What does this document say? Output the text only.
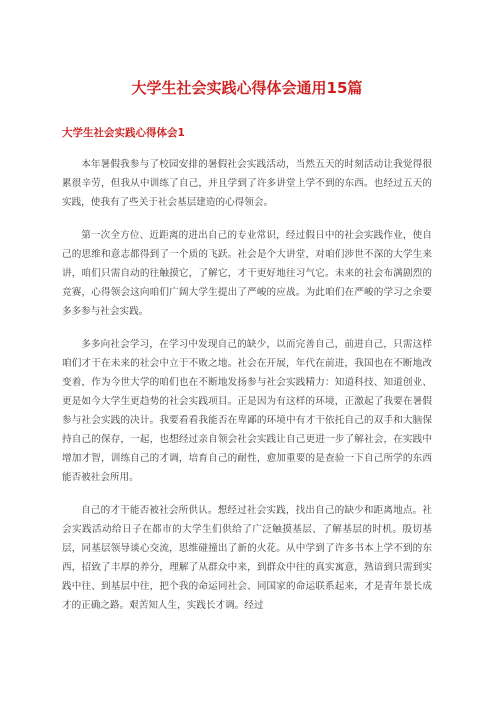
大学生社会实践心得体会通用15篇
大学生社会实践心得体会1

本年暑假我参与了校园安排的暑假社会实践活动，当然五天的时刻活动让我觉得很累很辛劳，但我从中训练了自己，并且学到了许多讲堂上学不到的东西。也经过五天的实践，使我有了些关于社会基层建造的心得领会。

第一次全方位、近距离的进出自己的专业常识，经过假日中的社会实践作业，使自己的思维和意志都得到了一个质的飞跃。社会是个大讲堂，对咱们涉世不深的大学生来讲，咱们只需自动的往触摸它，了解它，才干更好地往习气它。未来的社会布满剧烈的竞赛，心得领会这向咱们广阔大学生提出了严峻的应战。为此咱们在严峻的学习之余要多多参与社会实践。

多多向社会学习，在学习中发现自己的缺少，以而完善自己，前进自己，只需这样咱们才干在未来的社会中立于不败之地。社会在开展，年代在前进，我国也在不断地改变着，作为今世大学的咱们也在不断地发扬参与社会实践精力：知道科技、知道创业、更是如今大学生更趋势的社会实践项目。正是因为有这样的环境，正激起了我要在暑假参与社会实践的决计。我要看看我能否在卑鄙的环境中有才干依托自己的双手和大脑保持自己的保存，一起，也想经过亲自领会社会实践让自己更进一步了解社会，在实践中增加才智，训练自己的才调，培育自己的耐性，愈加重要的是查验一下自己所学的东西能否被社会所用。

自己的才干能否被社会所供认。想经过社会实践，找出自己的缺少和距离地点。社会实践活动给日子在都市的大学生们供给了广泛触摸基层、了解基层的时机。殷切基层，同基层领导谈心交流，思维碰撞出了新的火花。从中学到了许多书本上学不到的东西，招致了丰厚的养分，理解了从群众中来，到群众中往的真实寓意，熟谙到只需到实践中往、到基层中往，把个我的命运同社会、同国家的命运联系起来，才是青年景长成才的正确之路。艰苦知人生，实践长才调。经过
